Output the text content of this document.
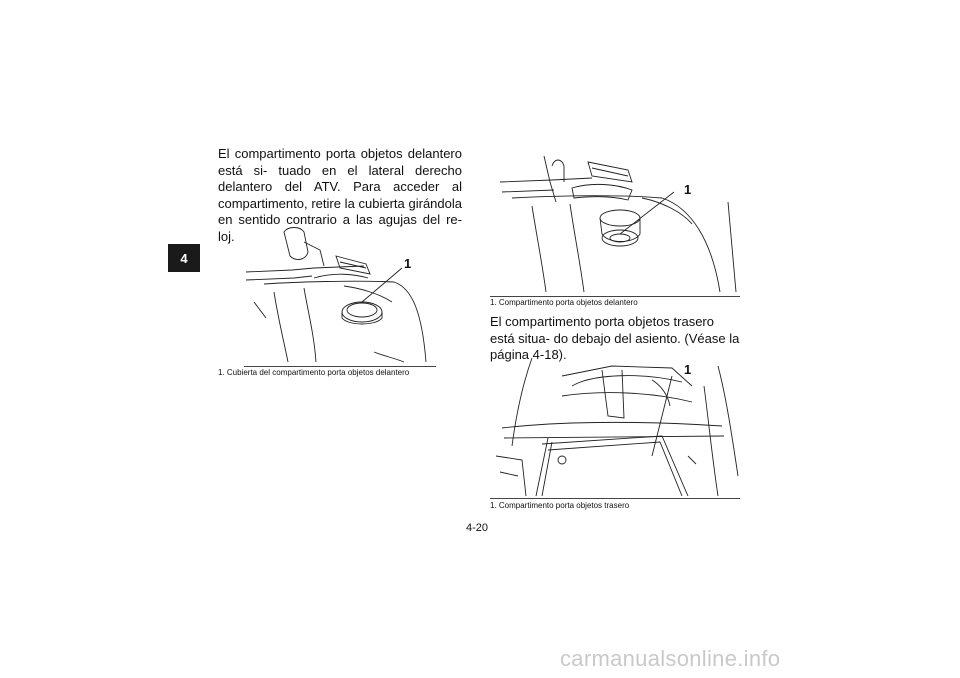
4

El compartimento porta objetos delantero está si- tuado en el lateral derecho delantero del ATV. Para acceder al compartimento, retire la cubierta girándola en sentido contrario a las agujas del re- loj.

1
1. Cubierta del compartimento porta objetos delantero
1
1. Compartimento porta objetos delantero

El compartimento porta objetos trasero está situa- do debajo del asiento. (Véase la página 4-18).

1
1. Compartimento porta objetos trasero
4-20
carmanualsonline.info
